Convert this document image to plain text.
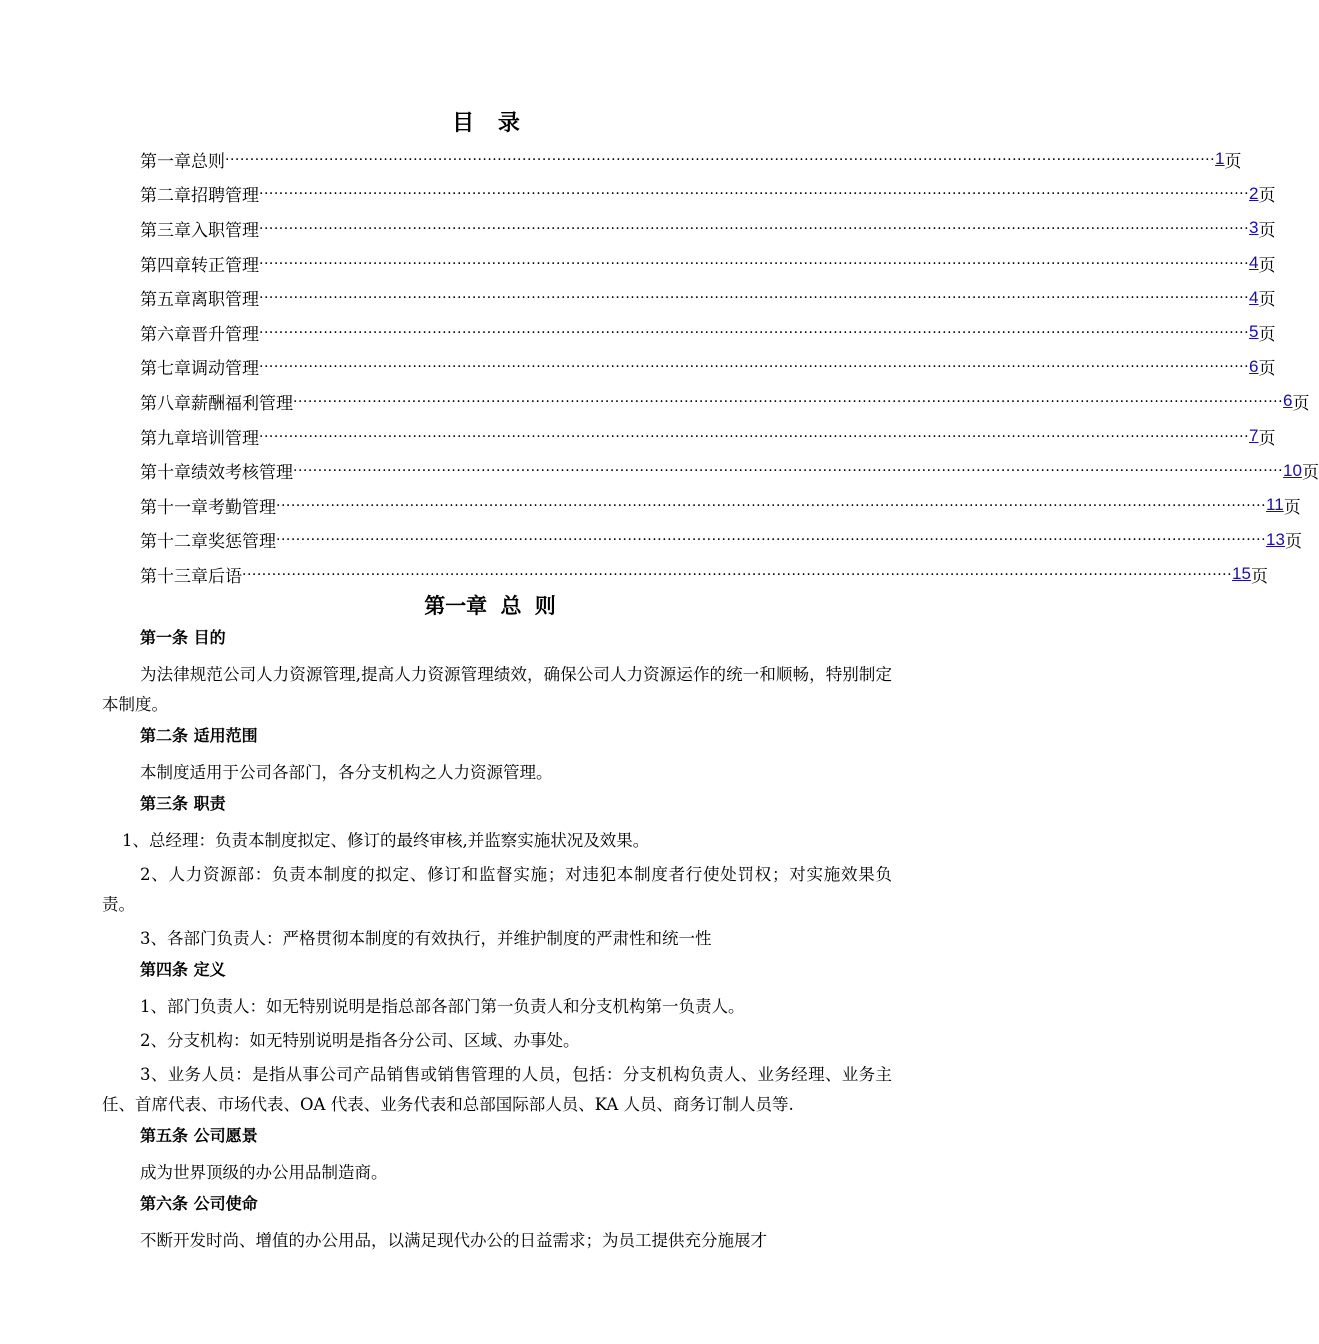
目 录
第一章 总则 ········································································································································································································ 1 页
第二章 招聘管理 ········································································································································································································ 2 页
第三章 入职管理 ········································································································································································································ 3 页
第四章 转正管理 ········································································································································································································ 4 页
第五章 离职管理 ········································································································································································································ 4 页
第六章 晋升管理 ········································································································································································································ 5 页
第七章 调动管理 ········································································································································································································ 6 页
第八章 薪酬福利管理 ········································································································································································································ 6 页
第九章 培训管理 ········································································································································································································ 7 页
第十章 绩效考核管理 ········································································································································································································ 10 页
第十一章 考勤管理 ········································································································································································································ 11 页
第十二章 奖惩管理 ········································································································································································································ 13 页
第十三章 后语 ········································································································································································································ 15 页
第一章 总 则
第一条 目的
为法律规范公司人力资源管理,提高人力资源管理绩效，确保公司人力资源运作的统一和顺畅，特别制定本制度。
第二条 适用范围
本制度适用于公司各部门，各分支机构之人力资源管理。
第三条 职责
1、总经理：负责本制度拟定、修订的最终审核,并监察实施状况及效果。
2、人力资源部：负责本制度的拟定、修订和监督实施；对违犯本制度者行使处罚权；对实施效果负责。
3、各部门负责人：严格贯彻本制度的有效执行，并维护制度的严肃性和统一性
第四条 定义
1、部门负责人：如无特别说明是指总部各部门第一负责人和分支机构第一负责人。
2、分支机构：如无特别说明是指各分公司、区域、办事处。
3、业务人员：是指从事公司产品销售或销售管理的人员，包括：分支机构负责人、业务经理、业务主任、首席代表、市场代表、OA 代表、业务代表和总部国际部人员、KA 人员、商务订制人员等.
第五条 公司愿景
成为世界顶级的办公用品制造商。
第六条 公司使命
不断开发时尚、增值的办公用品，以满足现代办公的日益需求；为员工提供充分施展才
